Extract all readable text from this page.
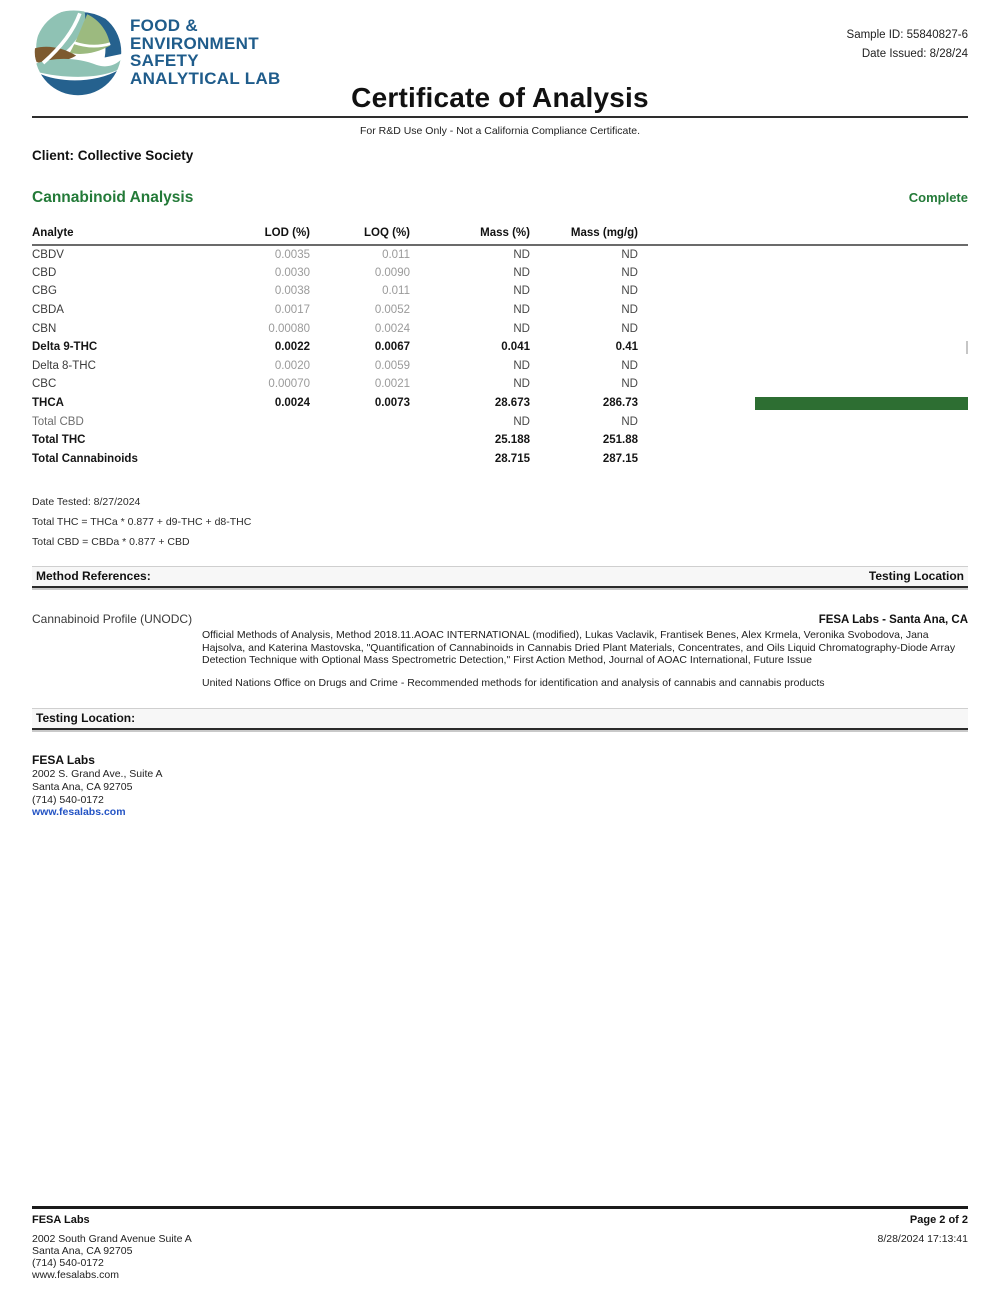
FOOD &
ENVIRONMENT
SAFETY
ANALYTICAL LAB
Sample ID: 55840827-6
Date Issued: 8/28/24
Certificate of Analysis
For R&D Use Only - Not a California Compliance Certificate.
Client: Collective Society
Cannabinoid Analysis	Complete
Analyte	LOD (%)	LOQ (%)	Mass (%)	Mass (mg/g)	
CBDV	0.0035	0.011	ND	ND	
CBD	0.0030	0.0090	ND	ND	
CBG	0.0038	0.011	ND	ND	
CBDA	0.0017	0.0052	ND	ND	
CBN	0.00080	0.0024	ND	ND	
Delta 9-THC	0.0022	0.0067	0.041	0.41	
Delta 8-THC	0.0020	0.0059	ND	ND	
CBC	0.00070	0.0021	ND	ND	
THCA	0.0024	0.0073	28.673	286.73	
Total CBD			ND	ND	
Total THC			25.188	251.88	
Total Cannabinoids			28.715	287.15	
Date Tested: 8/27/2024
Total THC = THCa * 0.877 + d9-THC + d8-THC
Total CBD = CBDa * 0.877 + CBD
Method References:	Testing Location
Cannabinoid Profile (UNODC)	FESA Labs - Santa Ana, CA
Official Methods of Analysis, Method 2018.11.AOAC INTERNATIONAL (modified), Lukas Vaclavik, Frantisek Benes, Alex Krmela, Veronika Svobodova, Jana Hajsolva, and Katerina Mastovska, "Quantification of Cannabinoids in Cannabis Dried Plant Materials, Concentrates, and Oils Liquid Chromatography-Diode Array Detection Technique with Optional Mass Spectrometric Detection," First Action Method, Journal of AOAC International, Future Issue
United Nations Office on Drugs and Crime - Recommended methods for identification and analysis of cannabis and cannabis products
Testing Location:
FESA Labs
2002 S. Grand Ave., Suite A
Santa Ana, CA 92705
(714) 540-0172
www.fesalabs.com
FESA Labs
2002 South Grand Avenue Suite A
Santa Ana, CA 92705
(714) 540-0172
www.fesalabs.com
Page 2 of 2
8/28/2024 17:13:41
